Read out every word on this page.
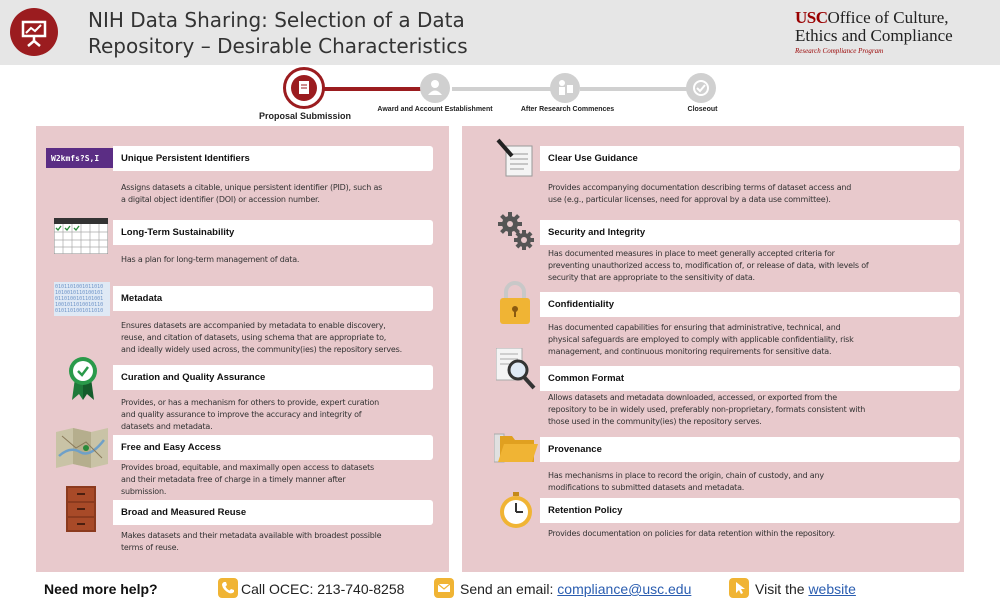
NIH Data Sharing: Selection of a Data
Repository – Desirable Characteristics
USCOffice of Culture,
Ethics and Compliance
Research Compliance Program
Proposal Submission
Award and Account Establishment	After Research Commences	Closeout
W2kmfs?S,I	Unique Persistent Identifiers
Assigns datasets a citable, unique persistent identifier (PID), such as
a digital object identifier (DOI) or accession number.
Long-Term Sustainability
Has a plan for long-term management of data.
0101101001011010
1010010110100101
0110100101101001
1001011010010110
0101101001011010
Metadata
Ensures datasets are accompanied by metadata to enable discovery,
reuse, and citation of datasets, using schema that are appropriate to,
and ideally widely used across, the community(ies) the repository serves.
Curation and Quality Assurance
Provides, or has a mechanism for others to provide, expert curation
and quality assurance to improve the accuracy and integrity of
datasets and metadata.
Free and Easy Access
Provides broad, equitable, and maximally open access to datasets
and their metadata free of charge in a timely manner after
submission.
Broad and Measured Reuse
Makes datasets and their metadata available with broadest possible
terms of reuse.
Clear Use Guidance
Provides accompanying documentation describing terms of dataset access and
use (e.g., particular licenses, need for approval by a data use committee).
Security and Integrity
Has documented measures in place to meet generally accepted criteria for
preventing unauthorized access to, modification of, or release of data, with levels of
security that are appropriate to the sensitivity of data.
Confidentiality
Has documented capabilities for ensuring that administrative, technical, and
physical safeguards are employed to comply with applicable confidentiality, risk
management, and continuous monitoring requirements for sensitive data.
Common Format
Allows datasets and metadata downloaded, accessed, or exported from the
repository to be in widely used, preferably non-proprietary, formats consistent with
those used in the community(ies) the repository serves.
Provenance
Has mechanisms in place to record the origin, chain of custody, and any
modifications to submitted datasets and metadata.
Retention Policy
Provides documentation on policies for data retention within the repository.
Need more help?	Call OCEC: 213-740-8258	Send an email: compliance@usc.edu	Visit the website
